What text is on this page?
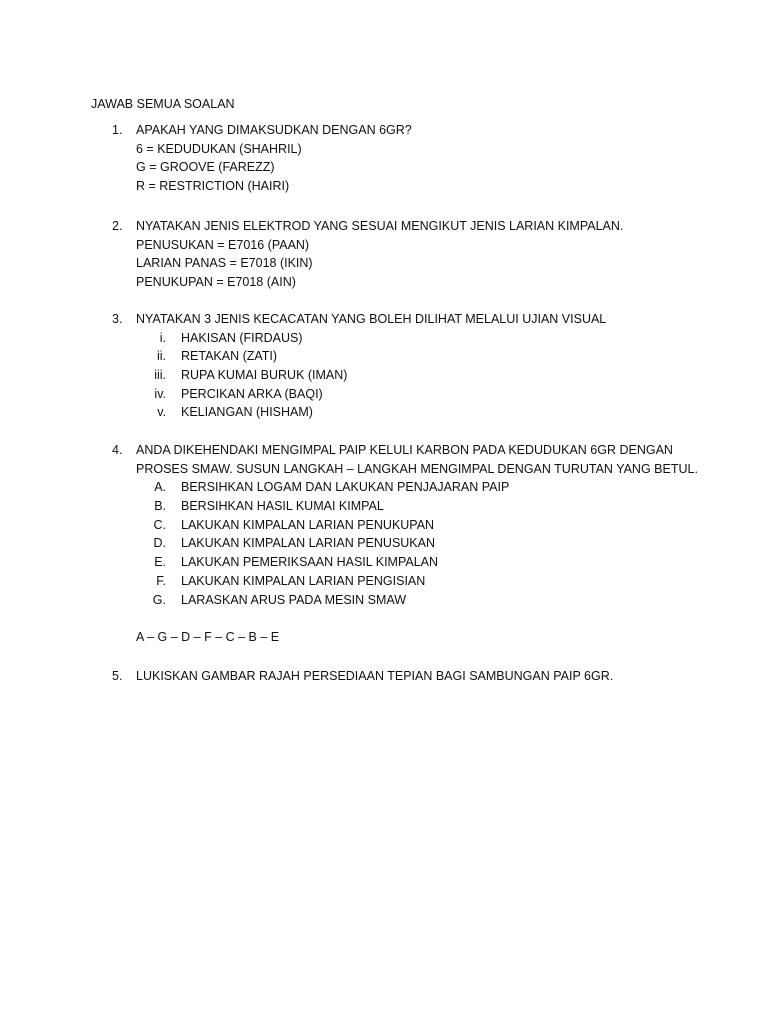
JAWAB SEMUA SOALAN
1. APAKAH YANG DIMAKSUDKAN DENGAN 6GR?
6 = KEDUDUKAN (SHAHRIL)
G = GROOVE (FAREZZ)
R = RESTRICTION (HAIRI)
2. NYATAKAN JENIS ELEKTROD YANG SESUAI MENGIKUT JENIS LARIAN KIMPALAN.
PENUSUKAN = E7016 (PAAN)
LARIAN PANAS = E7018 (IKIN)
PENUKUPAN = E7018 (AIN)
3. NYATAKAN 3 JENIS KECACATAN YANG BOLEH DILIHAT MELALUI UJIAN VISUAL
i. HAKISAN (FIRDAUS)
ii. RETAKAN (ZATI)
iii. RUPA KUMAI BURUK (IMAN)
iv. PERCIKAN ARKA (BAQI)
v. KELIANGAN (HISHAM)
4. ANDA DIKEHENDAKI MENGIMPAL PAIP KELULI KARBON PADA KEDUDUKAN 6GR DENGAN
PROSES SMAW. SUSUN LANGKAH – LANGKAH MENGIMPAL DENGAN TURUTAN YANG BETUL.
A. BERSIHKAN LOGAM DAN LAKUKAN PENJAJARAN PAIP
B. BERSIHKAN HASIL KUMAI KIMPAL
C. LAKUKAN KIMPALAN LARIAN PENUKUPAN
D. LAKUKAN KIMPALAN LARIAN PENUSUKAN
E. LAKUKAN PEMERIKSAAN HASIL KIMPALAN
F. LAKUKAN KIMPALAN LARIAN PENGISIAN
G. LARASKAN ARUS PADA MESIN SMAW
A – G – D – F – C – B – E
5. LUKISKAN GAMBAR RAJAH PERSEDIAAN TEPIAN BAGI SAMBUNGAN PAIP 6GR.
